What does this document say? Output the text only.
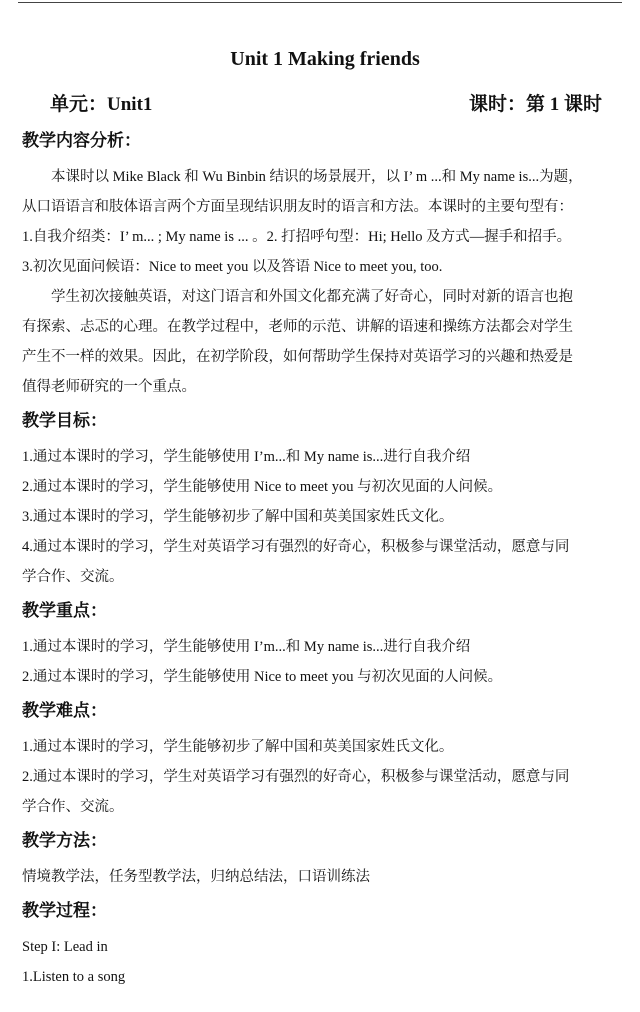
Unit 1 Making friends
单元：Unit1	课时：第 1 课时
教学内容分析：

本课时以 Mike Black 和 Wu Binbin 结识的场景展开，以 I’ m ...和 My name is...为题，

从口语语言和肢体语言两个方面呈现结识朋友时的语言和方法。本课时的主要句型有：

1.自我介绍类：I’ m... ; My name is ... 。2. 打招呼句型：Hi; Hello 及方式—握手和招手。

3.初次见面问候语：Nice to meet you 以及答语 Nice to meet you, too.

学生初次接触英语，对这门语言和外国文化都充满了好奇心，同时对新的语言也抱

有探索、忐忑的心理。在教学过程中，老师的示范、讲解的语速和操练方法都会对学生

产生不一样的效果。因此，在初学阶段，如何帮助学生保持对英语学习的兴趣和热爱是

值得老师研究的一个重点。

教学目标：

1.通过本课时的学习，学生能够使用 I’m...和 My name is...进行自我介绍

2.通过本课时的学习，学生能够使用 Nice to meet you 与初次见面的人问候。

3.通过本课时的学习，学生能够初步了解中国和英美国家姓氏文化。

4.通过本课时的学习，学生对英语学习有强烈的好奇心，积极参与课堂活动，愿意与同

学合作、交流。

教学重点：

1.通过本课时的学习，学生能够使用 I’m...和 My name is...进行自我介绍

2.通过本课时的学习，学生能够使用 Nice to meet you 与初次见面的人问候。

教学难点：

1.通过本课时的学习，学生能够初步了解中国和英美国家姓氏文化。

2.通过本课时的学习，学生对英语学习有强烈的好奇心，积极参与课堂活动，愿意与同

学合作、交流。

教学方法：

情境教学法，任务型教学法，归纳总结法，口语训练法

教学过程：

Step I: Lead in

1.Listen to a song
